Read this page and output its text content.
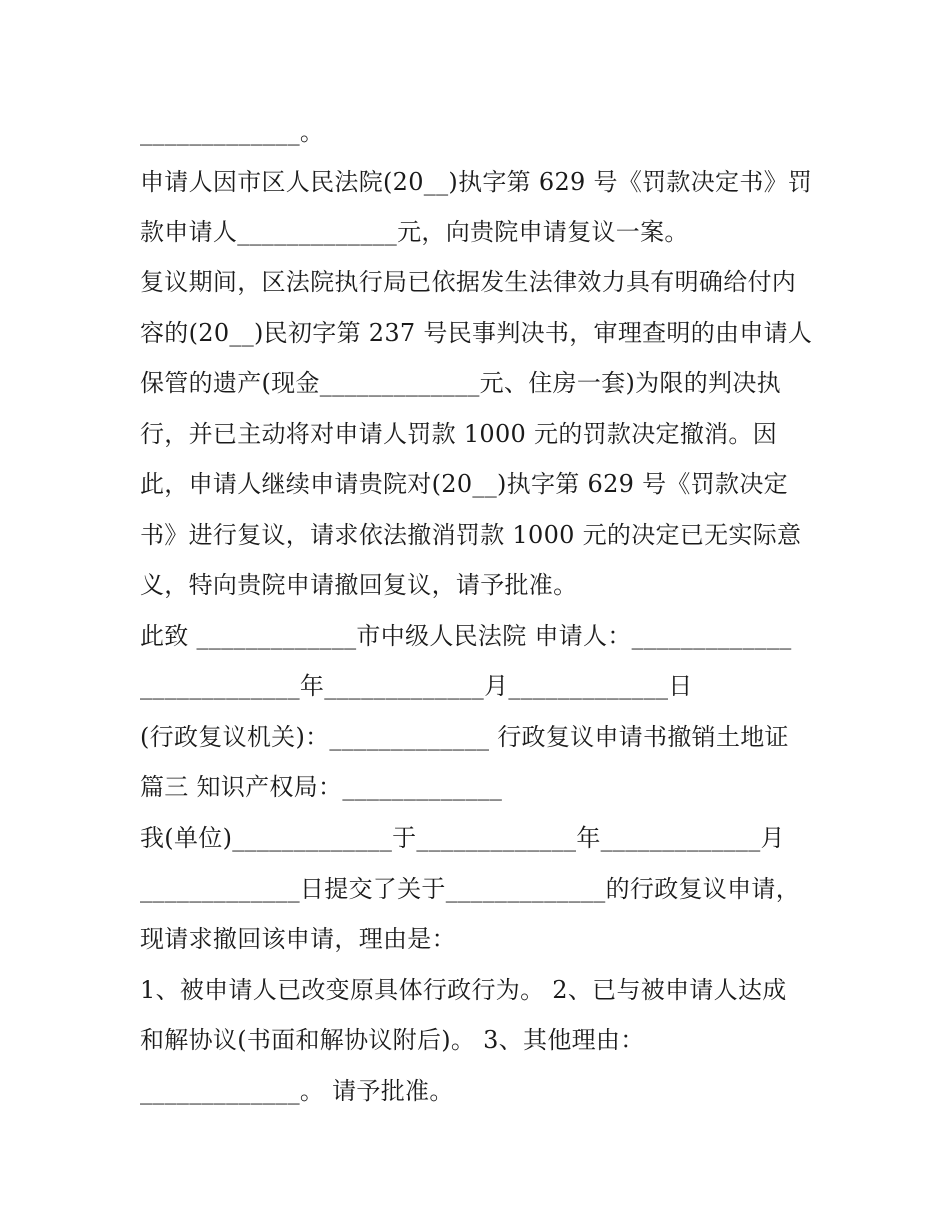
_____________。
申请人因市区人民法院(20__)执字第 629 号《罚款决定书》罚
款申请人_____________元，向贵院申请复议一案。
复议期间，区法院执行局已依据发生法律效力具有明确给付内
容的(20__)民初字第 237 号民事判决书，审理查明的由申请人
保管的遗产(现金_____________元、住房一套)为限的判决执
行，并已主动将对申请人罚款 1000 元的罚款决定撤消。因
此，申请人继续申请贵院对(20__)执字第 629 号《罚款决定
书》进行复议，请求依法撤消罚款 1000 元的决定已无实际意
义，特向贵院申请撤回复议，请予批准。
此致 _____________市中级人民法院 申请人：_____________
_____________年_____________月_____________日
(行政复议机关)：_____________ 行政复议申请书撤销土地证
篇三 知识产权局：_____________
我(单位)_____________于_____________年_____________月
_____________日提交了关于_____________的行政复议申请，
现请求撤回该申请，理由是：
1、被申请人已改变原具体行政行为。 2、已与被申请人达成
和解协议(书面和解协议附后)。 3、其他理由：
_____________。 请予批准。
